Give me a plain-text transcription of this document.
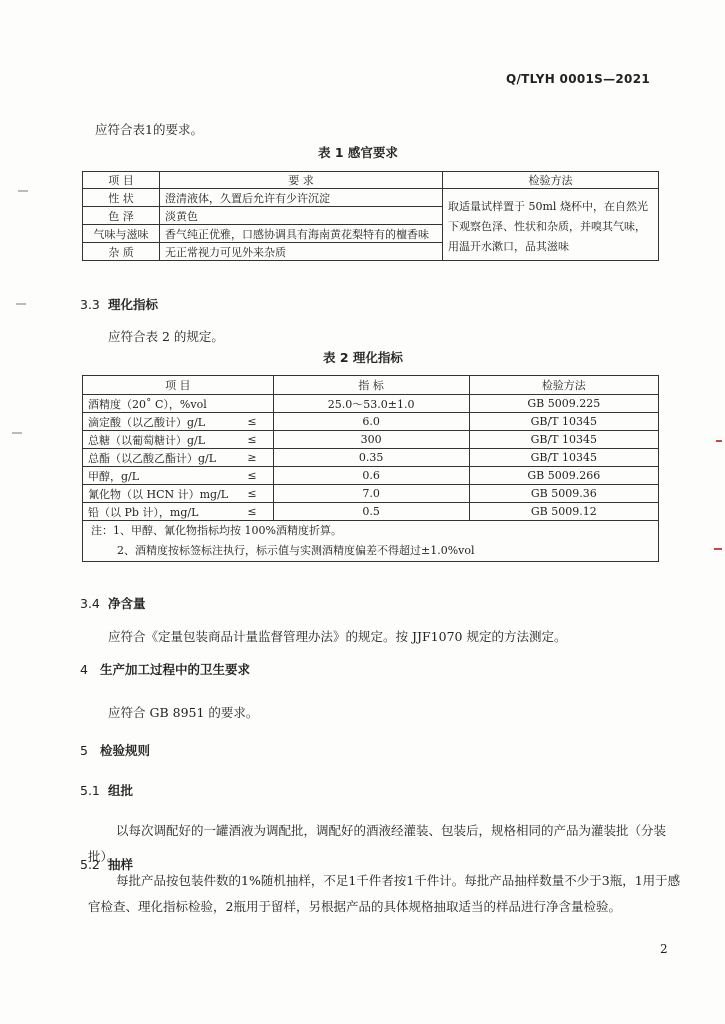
Q/TLYH 0001S—2021
应符合表1的要求。
表 1 感官要求
项 目	要 求	检验方法
性 状	澄清液体，久置后允许有少许沉淀	取适量试样置于 50ml 烧杯中，在自然光下观察色泽、性状和杂质，并嗅其气味，用温开水漱口，品其滋味
色 泽	淡黄色	
气味与滋味	香气纯正优雅，口感协调具有海南黄花梨特有的檀香味	
杂 质	无正常视力可见外来杂质	
3.3 理化指标
应符合表 2 的规定。
表 2 理化指标
项 目		指 标	检验方法
酒精度（20˚ C），%vol		25.0～53.0±1.0	GB 5009.225
滴定酸（以乙酸计）g/L	≤	6.0	GB/T 10345
总糖（以葡萄糖计）g/L	≤	300	GB/T 10345
总酯（以乙酸乙酯计）g/L	≥	0.35	GB/T 10345
甲醇，g/L	≤	0.6	GB 5009.266
氰化物（以 HCN 计）mg/L	≤	7.0	GB 5009.36
铅（以 Pb 计），mg/L	≤	0.5	GB 5009.12

注：1、甲醇、氰化物指标均按 100%酒精度折算。
2、酒精度按标签标注执行，标示值与实测酒精度偏差不得超过±1.0%vol			
3.4 净含量
应符合《定量包装商品计量监督管理办法》的规定。按 JJF1070 规定的方法测定。
4 生产加工过程中的卫生要求
应符合 GB 8951 的要求。
5 检验规则
5.1 组批
以每次调配好的一罐酒液为调配批，调配好的酒液经灌装、包装后，规格相同的产品为灌装批（分装批）。
5.2 抽样
每批产品按包装件数的1%随机抽样，不足1千件者按1千件计。每批产品抽样数量不少于3瓶，1用于感官检查、理化指标检验，2瓶用于留样，另根据产品的具体规格抽取适当的样品进行净含量检验。
2
